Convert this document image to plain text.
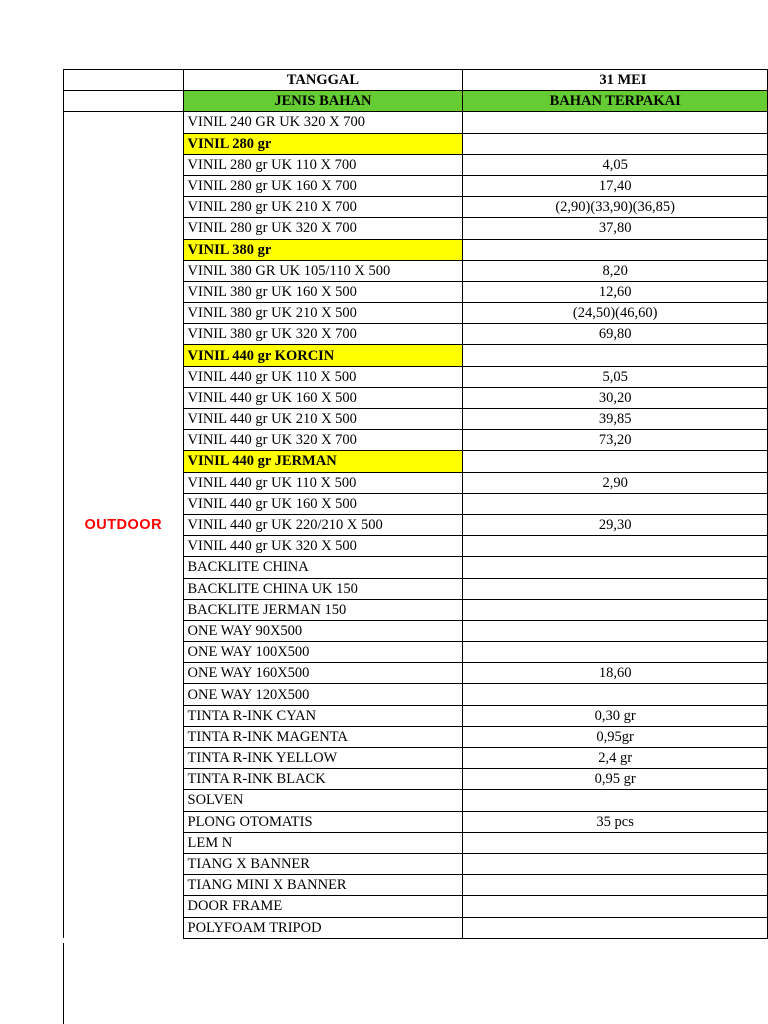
	TANGGAL	31 MEI
	JENIS BAHAN	BAHAN TERPAKAI
OUTDOOR	VINIL 240 GR UK 320 X 700	
	VINIL 280 gr	
	VINIL 280 gr UK 110 X 700	4,05
	VINIL 280 gr UK 160 X 700	17,40
	VINIL 280 gr UK 210 X 700	(2,90)(33,90)(36,85)
	VINIL 280 gr UK 320 X 700	37,80
	VINIL 380 gr	
	VINIL 380 GR UK 105/110 X 500	8,20
	VINIL 380 gr UK 160 X 500	12,60
	VINIL 380 gr UK 210 X 500	(24,50)(46,60)
	VINIL 380 gr UK 320 X 700	69,80
	VINIL 440 gr KORCIN	
	VINIL 440 gr UK 110 X 500	5,05
	VINIL 440 gr UK 160 X 500	30,20
	VINIL 440 gr UK 210 X 500	39,85
	VINIL 440 gr UK 320 X 700	73,20
	VINIL 440 gr JERMAN	
	VINIL 440 gr UK 110 X 500	2,90
	VINIL 440 gr UK 160 X 500	
	VINIL 440 gr UK 220/210 X 500	29,30
	VINIL 440 gr UK 320 X 500	
	BACKLITE CHINA	
	BACKLITE CHINA UK 150	
	BACKLITE JERMAN 150	
	ONE WAY 90X500	
	ONE WAY 100X500	
	ONE WAY 160X500	18,60
	ONE WAY 120X500	
	TINTA R-INK CYAN	0,30 gr
	TINTA R-INK MAGENTA	0,95gr
	TINTA R-INK YELLOW	2,4 gr
	TINTA R-INK BLACK	0,95 gr
	SOLVEN	
	PLONG OTOMATIS	35 pcs
	LEM N	
	TIANG X BANNER	
	TIANG MINI X BANNER	
	DOOR FRAME	
	POLYFOAM TRIPOD	
